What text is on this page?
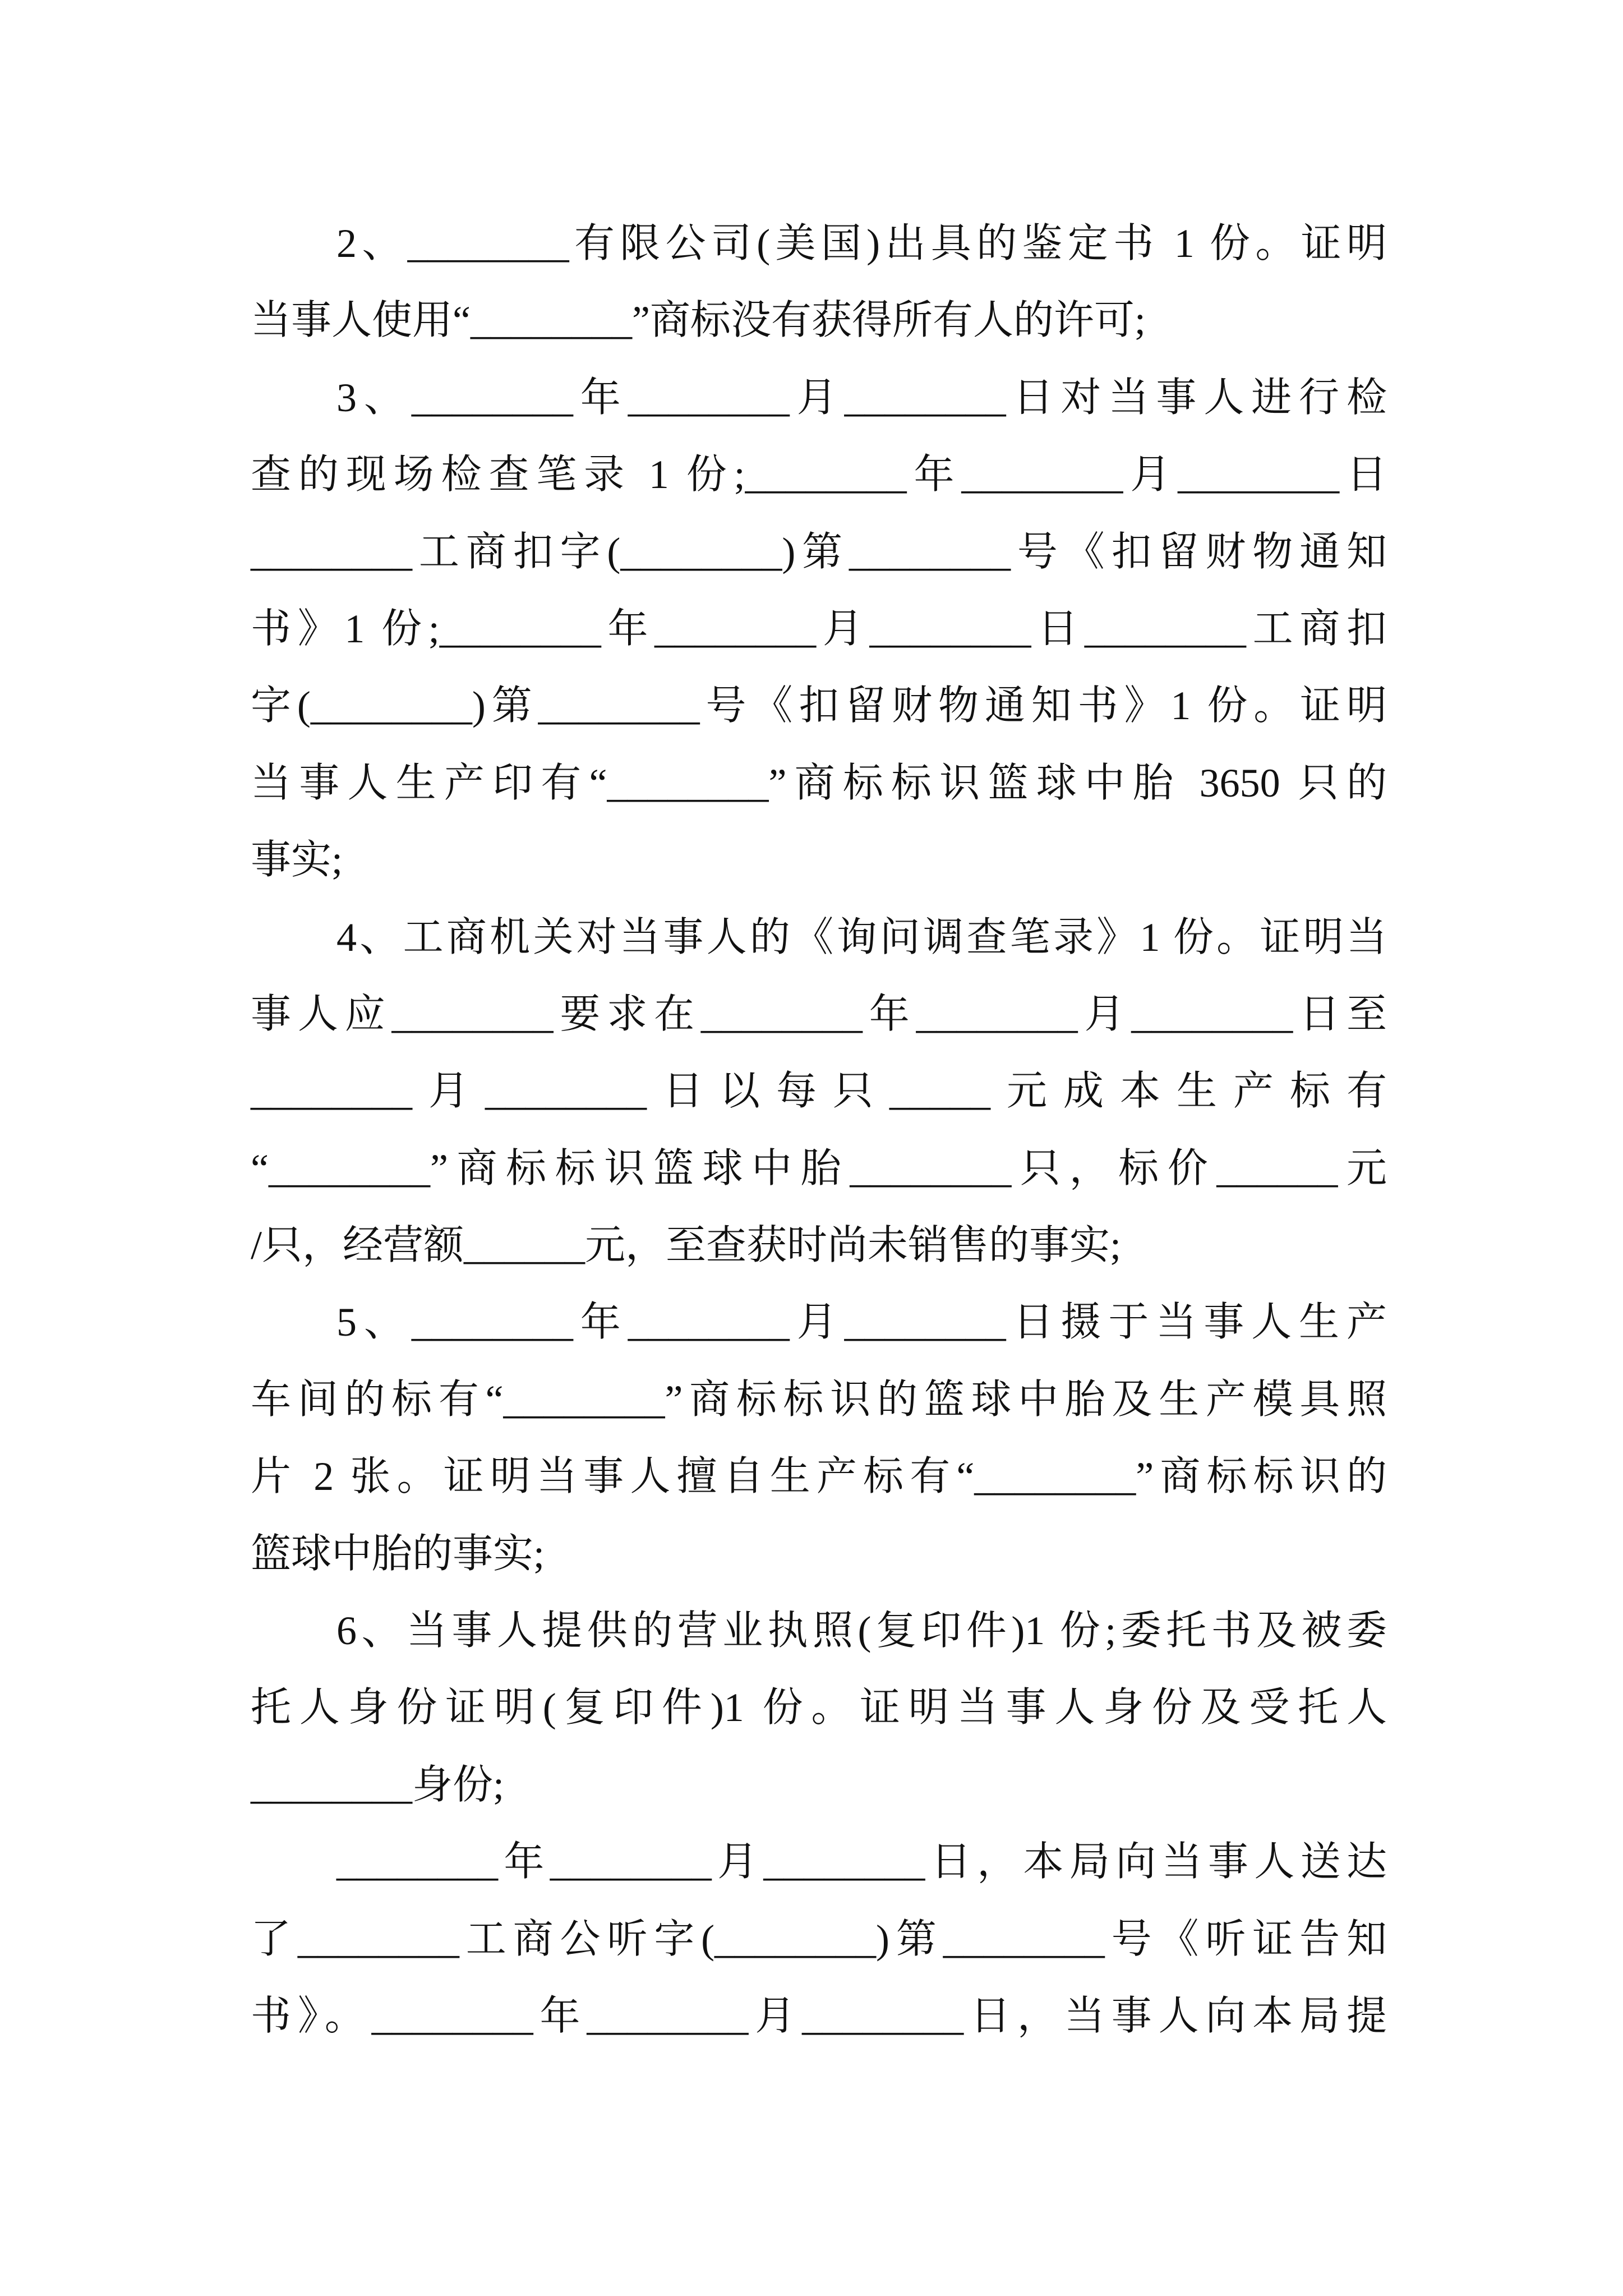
2、________有限公司(美国)出具的鉴定书 1 份。证明
当事人使用“________”商标没有获得所有人的许可;
3、________年________月________日对当事人进行检
查的现场检查笔录 1 份;________年________月________日
________工商扣字(________)第________号《扣留财物通知
书》1 份;________年________月________日________工商扣
字(________)第________号《扣留财物通知书》1 份。证明
当事人生产印有“________”商标标识篮球中胎 3650 只的
事实;
4、工商机关对当事人的《询问调查笔录》1 份。证明当
事人应________要求在________年________月________日至
________月________日以每只_____元成本生产标有
“________”商标标识篮球中胎________只，标价______元
/只，经营额______元，至查获时尚未销售的事实;
5、________年________月________日摄于当事人生产
车间的标有“________”商标标识的篮球中胎及生产模具照
片 2 张。证明当事人擅自生产标有“________”商标标识的
篮球中胎的事实;
6、当事人提供的营业执照(复印件)1 份;委托书及被委
托人身份证明(复印件)1 份。证明当事人身份及受托人
________身份;
________年________月________日，本局向当事人送达
了________工商公听字(________)第________号《听证告知
书》。________年________月________日，当事人向本局提
